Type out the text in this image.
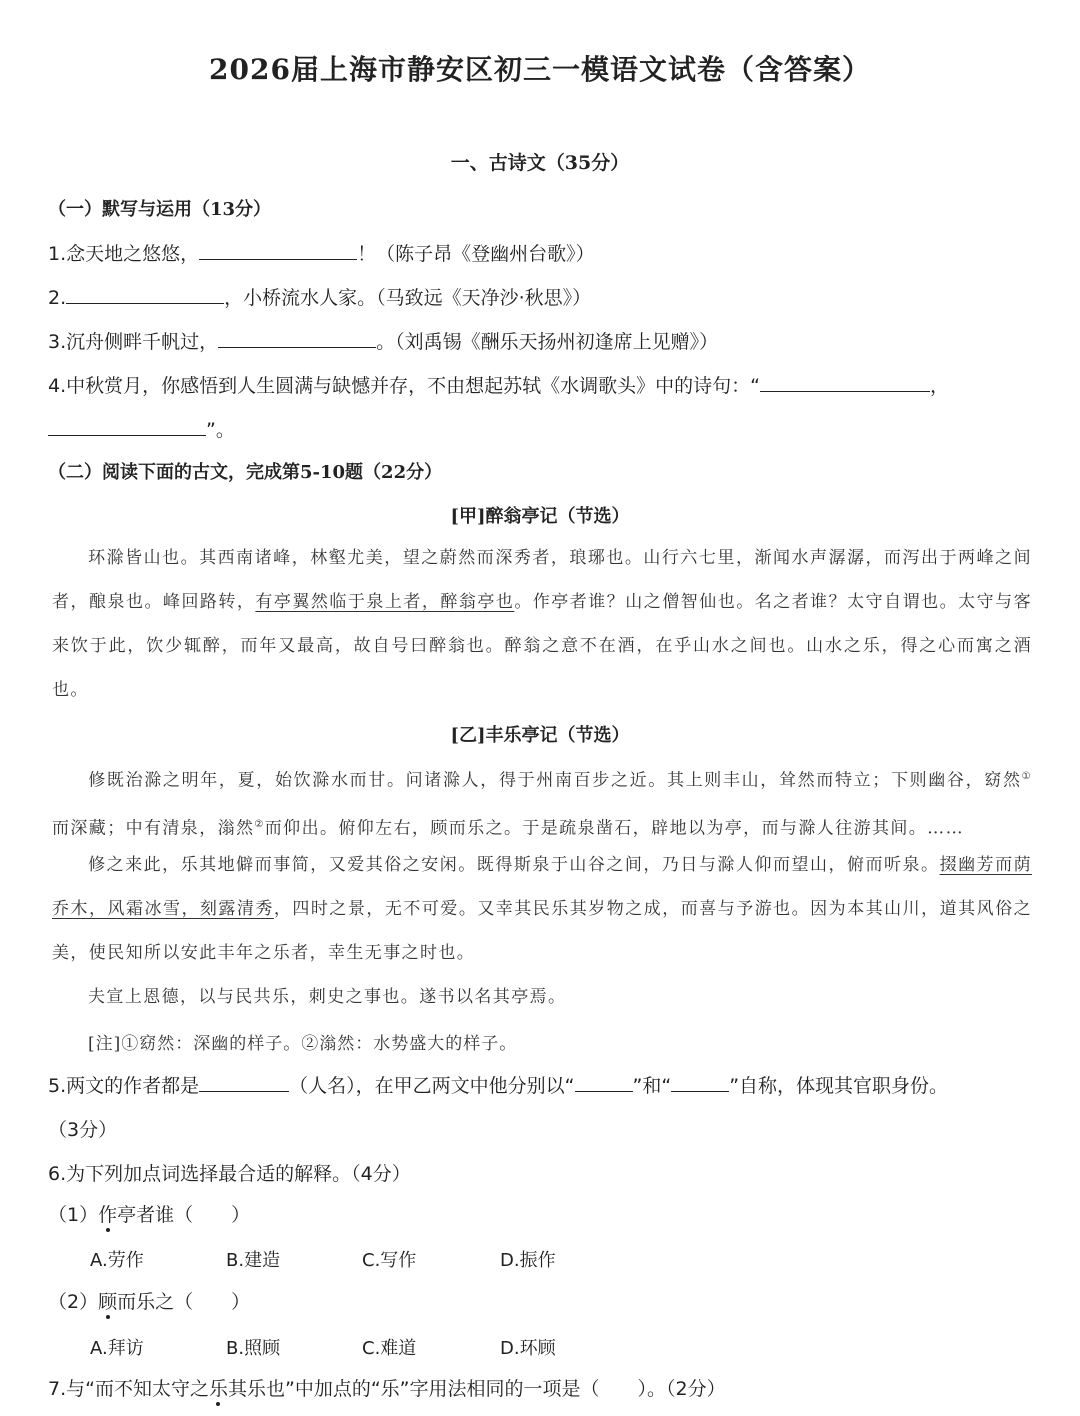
2026届上海市静安区初三一模语文试卷（含答案）
一、古诗文（35分）
（一）默写与运用（13分）
1.念天地之悠悠，	！（陈子昂《登幽州台歌》）
2.	，小桥流水人家。（马致远《天净沙·秋思》）
3.沉舟侧畔千帆过，	。（刘禹锡《酬乐天扬州初逢席上见赠》）
4.中秋赏月，你感悟到人生圆满与缺憾并存，不由想起苏轼《水调歌头》中的诗句：“	，
”。
（二）阅读下面的古文，完成第5-10题（22分）
[甲]醉翁亭记（节选）
环滁皆山也。其西南诸峰，林壑尤美，望之蔚然而深秀者，琅琊也。山行六七里，渐闻水声潺潺，而泻出于两峰之间者，酿泉也。峰回路转，有亭翼然临于泉上者，醉翁亭也。作亭者谁？山之僧智仙也。名之者谁？太守自谓也。太守与客来饮于此，饮少辄醉，而年又最高，故自号曰醉翁也。醉翁之意不在酒，在乎山水之间也。山水之乐，得之心而寓之酒也。
[乙]丰乐亭记（节选）
修既治滁之明年，夏，始饮滁水而甘。问诸滁人，得于州南百步之近。其上则丰山，耸然而特立；下则幽谷，窈然①而深藏；中有清泉，滃然②而仰出。俯仰左右，顾而乐之。于是疏泉凿石，辟地以为亭，而与滁人往游其间。……
修之来此，乐其地僻而事简，又爱其俗之安闲。既得斯泉于山谷之间，乃日与滁人仰而望山，俯而听泉。掇幽芳而荫乔木，风霜冰雪，刻露清秀，四时之景，无不可爱。又幸其民乐其岁物之成，而喜与予游也。因为本其山川，道其风俗之美，使民知所以安此丰年之乐者，幸生无事之时也。
夫宣上恩德，以与民共乐，刺史之事也。遂书以名其亭焉。
[注]①窈然：深幽的样子。②滃然：水势盛大的样子。
5.两文的作者都是	（人名），在甲乙两文中他分别以“	”和“	”自称，体现其官职身份。
（3分）
6.为下列加点词选择最合适的解释。（4分）
（1）作亭者谁（　　）
A.劳作	B.建造	C.写作	D.振作
（2）顾而乐之（　　）
A.拜访	B.照顾	C.难道	D.环顾
7.与“而不知太守之乐其乐也”中加点的“乐”字用法相同的一项是（　　）。（2分）
